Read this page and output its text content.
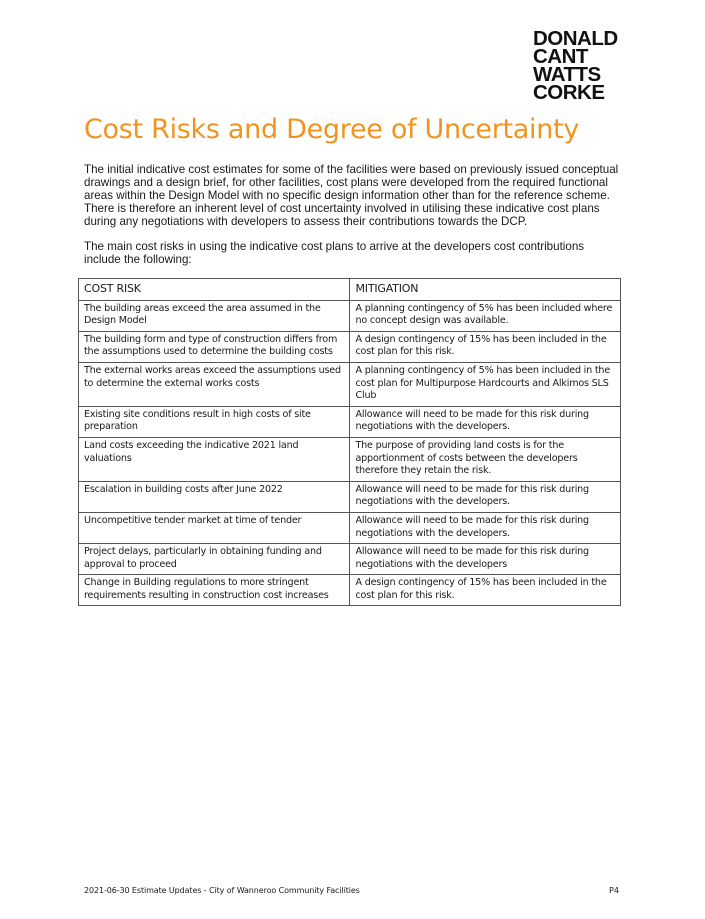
DONALD
CANT
WATTS
CORKE
Cost Risks and Degree of Uncertainty

The initial indicative cost estimates for some of the facilities were based on previously issued conceptual drawings and a design brief, for other facilities, cost plans were developed from the required functional areas within the Design Model with no specific design information other than for the reference scheme. There is therefore an inherent level of cost uncertainty involved in utilising these indicative cost plans during any negotiations with developers to assess their contributions towards the DCP.

The main cost risks in using the indicative cost plans to arrive at the developers cost contributions include the following:

COST RISK	MITIGATION
The building areas exceed the area assumed in the Design Model	A planning contingency of 5% has been included where no concept design was available.
The building form and type of construction differs from the assumptions used to determine the building costs	A design contingency of 15% has been included in the cost plan for this risk.
The external works areas exceed the assumptions used to determine the external works costs	A planning contingency of 5% has been included in the cost plan for Multipurpose Hardcourts and Alkimos SLS Club
Existing site conditions result in high costs of site preparation	Allowance will need to be made for this risk during negotiations with the developers.
Land costs exceeding the indicative 2021 land valuations	The purpose of providing land costs is for the apportionment of costs between the developers therefore they retain the risk.
Escalation in building costs after June 2022	Allowance will need to be made for this risk during negotiations with the developers.
Uncompetitive tender market at time of tender	Allowance will need to be made for this risk during negotiations with the developers.
Project delays, particularly in obtaining funding and approval to proceed	Allowance will need to be made for this risk during negotiations with the developers
Change in Building regulations to more stringent requirements resulting in construction cost increases	A design contingency of 15% has been included in the cost plan for this risk.
2021-06-30 Estimate Updates - City of Wanneroo Community Facilities	P4
